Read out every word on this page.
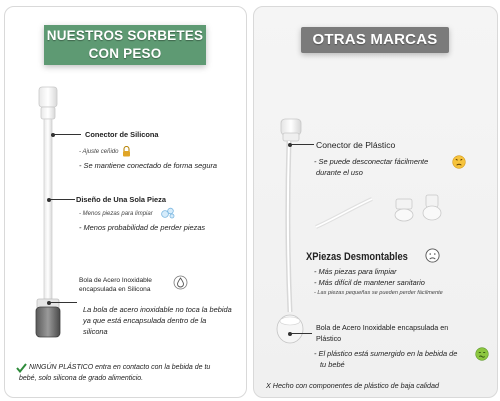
NUESTROS SORBETES
CON PESO
Conector de Silicona
- Ajuste ceñido
- Se mantiene conectado de forma segura
Diseño de Una Sola Pieza
- Menos piezas para limpiar
- Menos probabilidad de perder piezas
Bola de Acero Inoxidable
encapsulada en Silicona
La bola de acero inoxidable no toca la bebida
ya que está encapsulada dentro de la
silicona
NINGÚN PLÁSTICO entra en contacto con la bebida de tu
bebé, solo silicona de grado alimenticio.
OTRAS MARCAS
Conector de Plástico
- Se puede desconectar fácilmente
durante el uso
XPiezas Desmontables
- Más piezas para limpiar
- Más difícil de mantener sanitario
- Las piezas pequeñas se pueden perder fácilmente
Bola de Acero Inoxidable encapsulada en
Plástico
- El plástico está sumergido en la bebida de
tu bebé
X Hecho con componentes de plástico de baja calidad
